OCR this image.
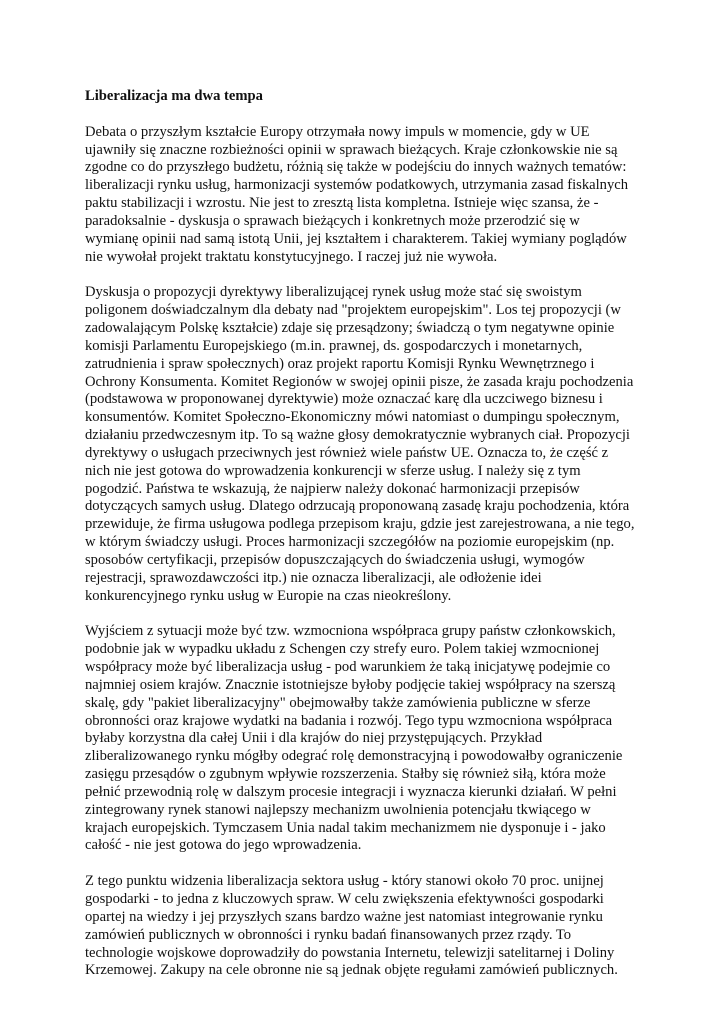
Liberalizacja ma dwa tempa
Debata o przyszłym kształcie Europy otrzymała nowy impuls w momencie, gdy w UE
ujawniły się znaczne rozbieżności opinii w sprawach bieżących. Kraje członkowskie nie są
zgodne co do przyszłego budżetu, różnią się także w podejściu do innych ważnych tematów:
liberalizacji rynku usług, harmonizacji systemów podatkowych, utrzymania zasad fiskalnych
paktu stabilizacji i wzrostu. Nie jest to zresztą lista kompletna. Istnieje więc szansa, że -
paradoksalnie - dyskusja o sprawach bieżących i konkretnych może przerodzić się w
wymianę opinii nad samą istotą Unii, jej kształtem i charakterem. Takiej wymiany poglądów
nie wywołał projekt traktatu konstytucyjnego. I raczej już nie wywoła.
Dyskusja o propozycji dyrektywy liberalizującej rynek usług może stać się swoistym
poligonem doświadczalnym dla debaty nad "projektem europejskim". Los tej propozycji (w
zadowalającym Polskę kształcie) zdaje się przesądzony; świadczą o tym negatywne opinie
komisji Parlamentu Europejskiego (m.in. prawnej, ds. gospodarczych i monetarnych,
zatrudnienia i spraw społecznych) oraz projekt raportu Komisji Rynku Wewnętrznego i
Ochrony Konsumenta. Komitet Regionów w swojej opinii pisze, że zasada kraju pochodzenia
(podstawowa w proponowanej dyrektywie) może oznaczać karę dla uczciwego biznesu i
konsumentów. Komitet Społeczno-Ekonomiczny mówi natomiast o dumpingu społecznym,
działaniu przedwczesnym itp. To są ważne głosy demokratycznie wybranych ciał. Propozycji
dyrektywy o usługach przeciwnych jest również wiele państw UE. Oznacza to, że część z
nich nie jest gotowa do wprowadzenia konkurencji w sferze usług. I należy się z tym
pogodzić. Państwa te wskazują, że najpierw należy dokonać harmonizacji przepisów
dotyczących samych usług. Dlatego odrzucają proponowaną zasadę kraju pochodzenia, która
przewiduje, że firma usługowa podlega przepisom kraju, gdzie jest zarejestrowana, a nie tego,
w którym świadczy usługi. Proces harmonizacji szczegółów na poziomie europejskim (np.
sposobów certyfikacji, przepisów dopuszczających do świadczenia usługi, wymogów
rejestracji, sprawozdawczości itp.) nie oznacza liberalizacji, ale odłożenie idei
konkurencyjnego rynku usług w Europie na czas nieokreślony.
Wyjściem z sytuacji może być tzw. wzmocniona współpraca grupy państw członkowskich,
podobnie jak w wypadku układu z Schengen czy strefy euro. Polem takiej wzmocnionej
współpracy może być liberalizacja usług - pod warunkiem że taką inicjatywę podejmie co
najmniej osiem krajów. Znacznie istotniejsze byłoby podjęcie takiej współpracy na szerszą
skalę, gdy "pakiet liberalizacyjny" obejmowałby także zamówienia publiczne w sferze
obronności oraz krajowe wydatki na badania i rozwój. Tego typu wzmocniona współpraca
byłaby korzystna dla całej Unii i dla krajów do niej przystępujących. Przykład
zliberalizowanego rynku mógłby odegrać rolę demonstracyjną i powodowałby ograniczenie
zasięgu przesądów o zgubnym wpływie rozszerzenia. Stałby się również siłą, która może
pełnić przewodnią rolę w dalszym procesie integracji i wyznacza kierunki działań. W pełni
zintegrowany rynek stanowi najlepszy mechanizm uwolnienia potencjału tkwiącego w
krajach europejskich. Tymczasem Unia nadal takim mechanizmem nie dysponuje i - jako
całość - nie jest gotowa do jego wprowadzenia.
Z tego punktu widzenia liberalizacja sektora usług - który stanowi około 70 proc. unijnej
gospodarki - to jedna z kluczowych spraw. W celu zwiększenia efektywności gospodarki
opartej na wiedzy i jej przyszłych szans bardzo ważne jest natomiast integrowanie rynku
zamówień publicznych w obronności i rynku badań finansowanych przez rządy. To
technologie wojskowe doprowadziły do powstania Internetu, telewizji satelitarnej i Doliny
Krzemowej. Zakupy na cele obronne nie są jednak objęte regułami zamówień publicznych.
